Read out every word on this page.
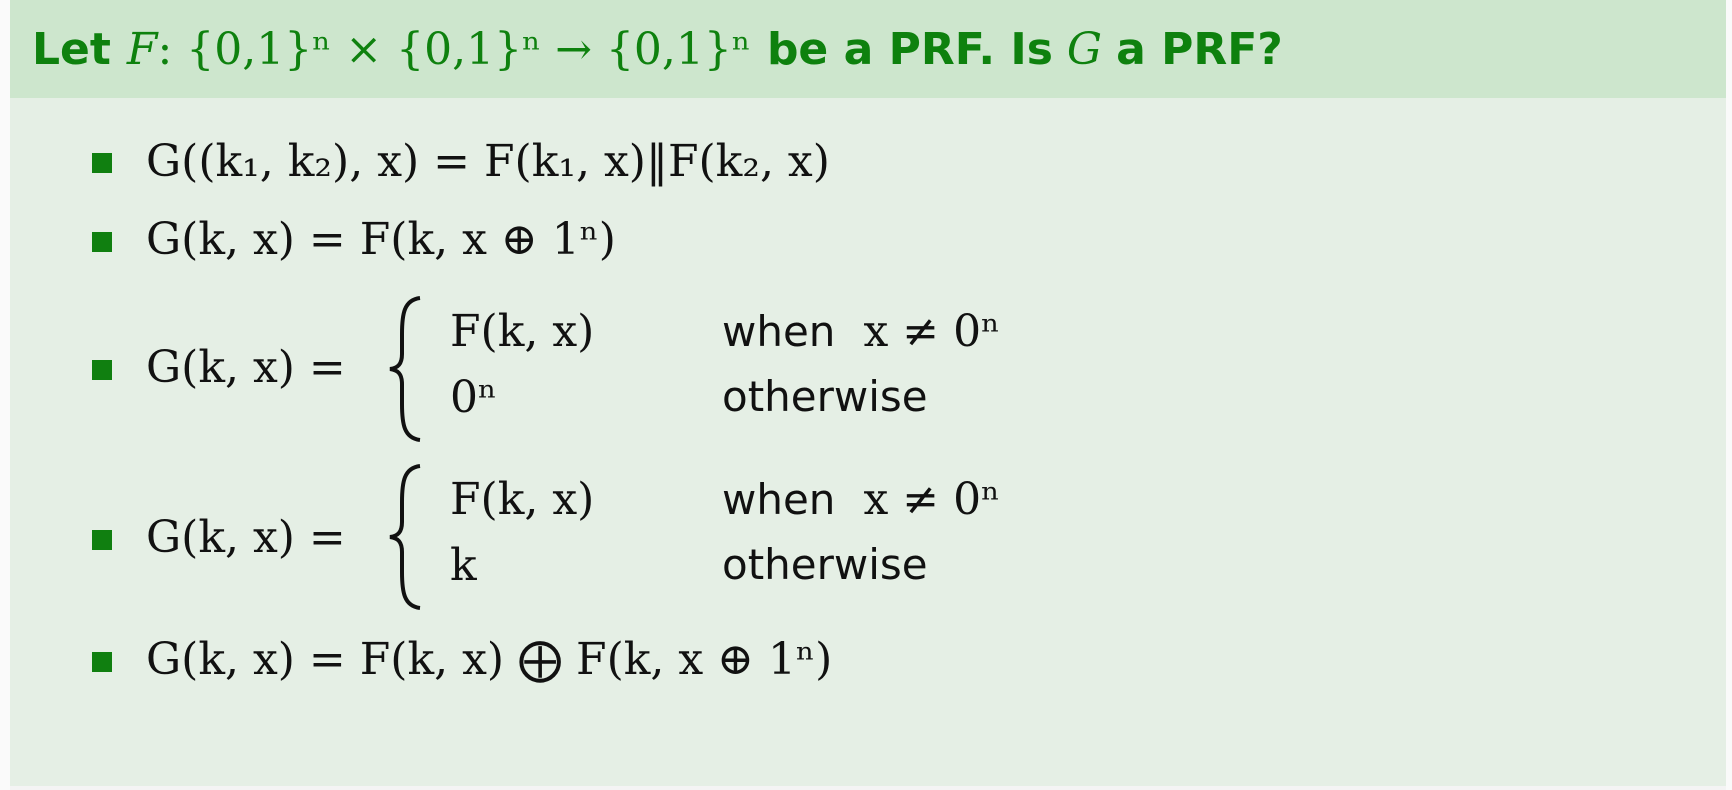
Let F: {0,1}ⁿ × {0,1}ⁿ → {0,1}ⁿ be a PRF. Is G a PRF?
G((k₁, k₂), x) = F(k₁, x)‖F(k₂, x)
G(k, x) = F(k, x ⊕ 1ⁿ)
G(k, x) =
F(k, x)	when x ≠ 0ⁿ
0ⁿ	otherwise
G(k, x) =
F(k, x)	when x ≠ 0ⁿ
k	otherwise
G(k, x) = F(k, x) ⨁ F(k, x ⊕ 1ⁿ)
